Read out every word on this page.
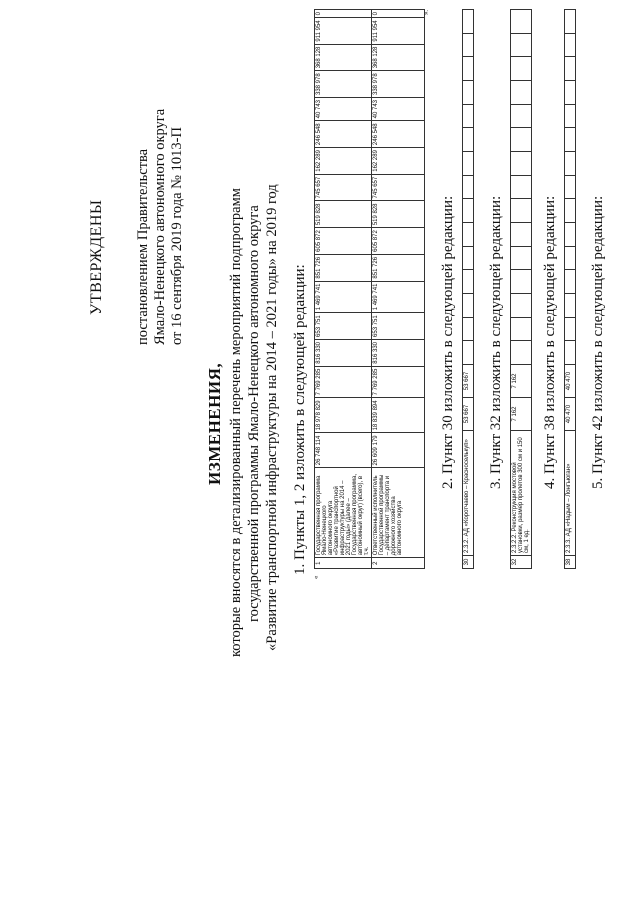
УТВЕРЖДЕНЫ постановлением Правительства Ямало-Ненецкого автономного округа от 16 сентября 2019 года № 1013-П
ИЗМЕНЕНИЯ, которые вносятся в детализированный перечень мероприятий подпрограмм государственной программы Ямало-Ненецкого автономного округа «Развитие транспортной инфраструктуры на 2014 – 2021 годы» на 2019 год 1. Пункты 1, 2 изложить в следующей редакции:
«
1	Государственная программа Ямало-Ненецкого автономного округа «Развитие транспортной инфраструктуры на 2014 – 2021 годы» (далее – Государственная программа, автономный округ) (всего), в т.ч.	26 748 114	18 978 829	7 769 285	816 330	653 751	1 469 741	851 726	605 872	519 828	745 657	162 289	246 548	40 743	338 978	368 128	911 954	0
2	Ответственный исполнитель Государственной программы – департамент транспорта и дорожного хозяйства автономного округа	26 609 179	18 839 894	7 769 285	816 330	653 751	1 469 741	851 726	605 872	519 828	745 657	162 289	246 548	40 743	338 978	368 128	911 954	0	».
2. Пункт 30 изложить в следующей редакции:
30	2.3.2. АД «Коротчаево – Красноселькуп»	53 667	53 667															3. Пункт 32 изложить в следующей редакции:
32	2.3.2.2. Реконструкция мостовой установки, размер пролетов 300 см и 150 см, 1 ед.	7 162	7 162															4. Пункт 38 изложить в следующей редакции:
38	2.3.3. АД «Надым – Лонгъюган»	40 470	40 470															5. Пункт 42 изложить в следующей редакции:
